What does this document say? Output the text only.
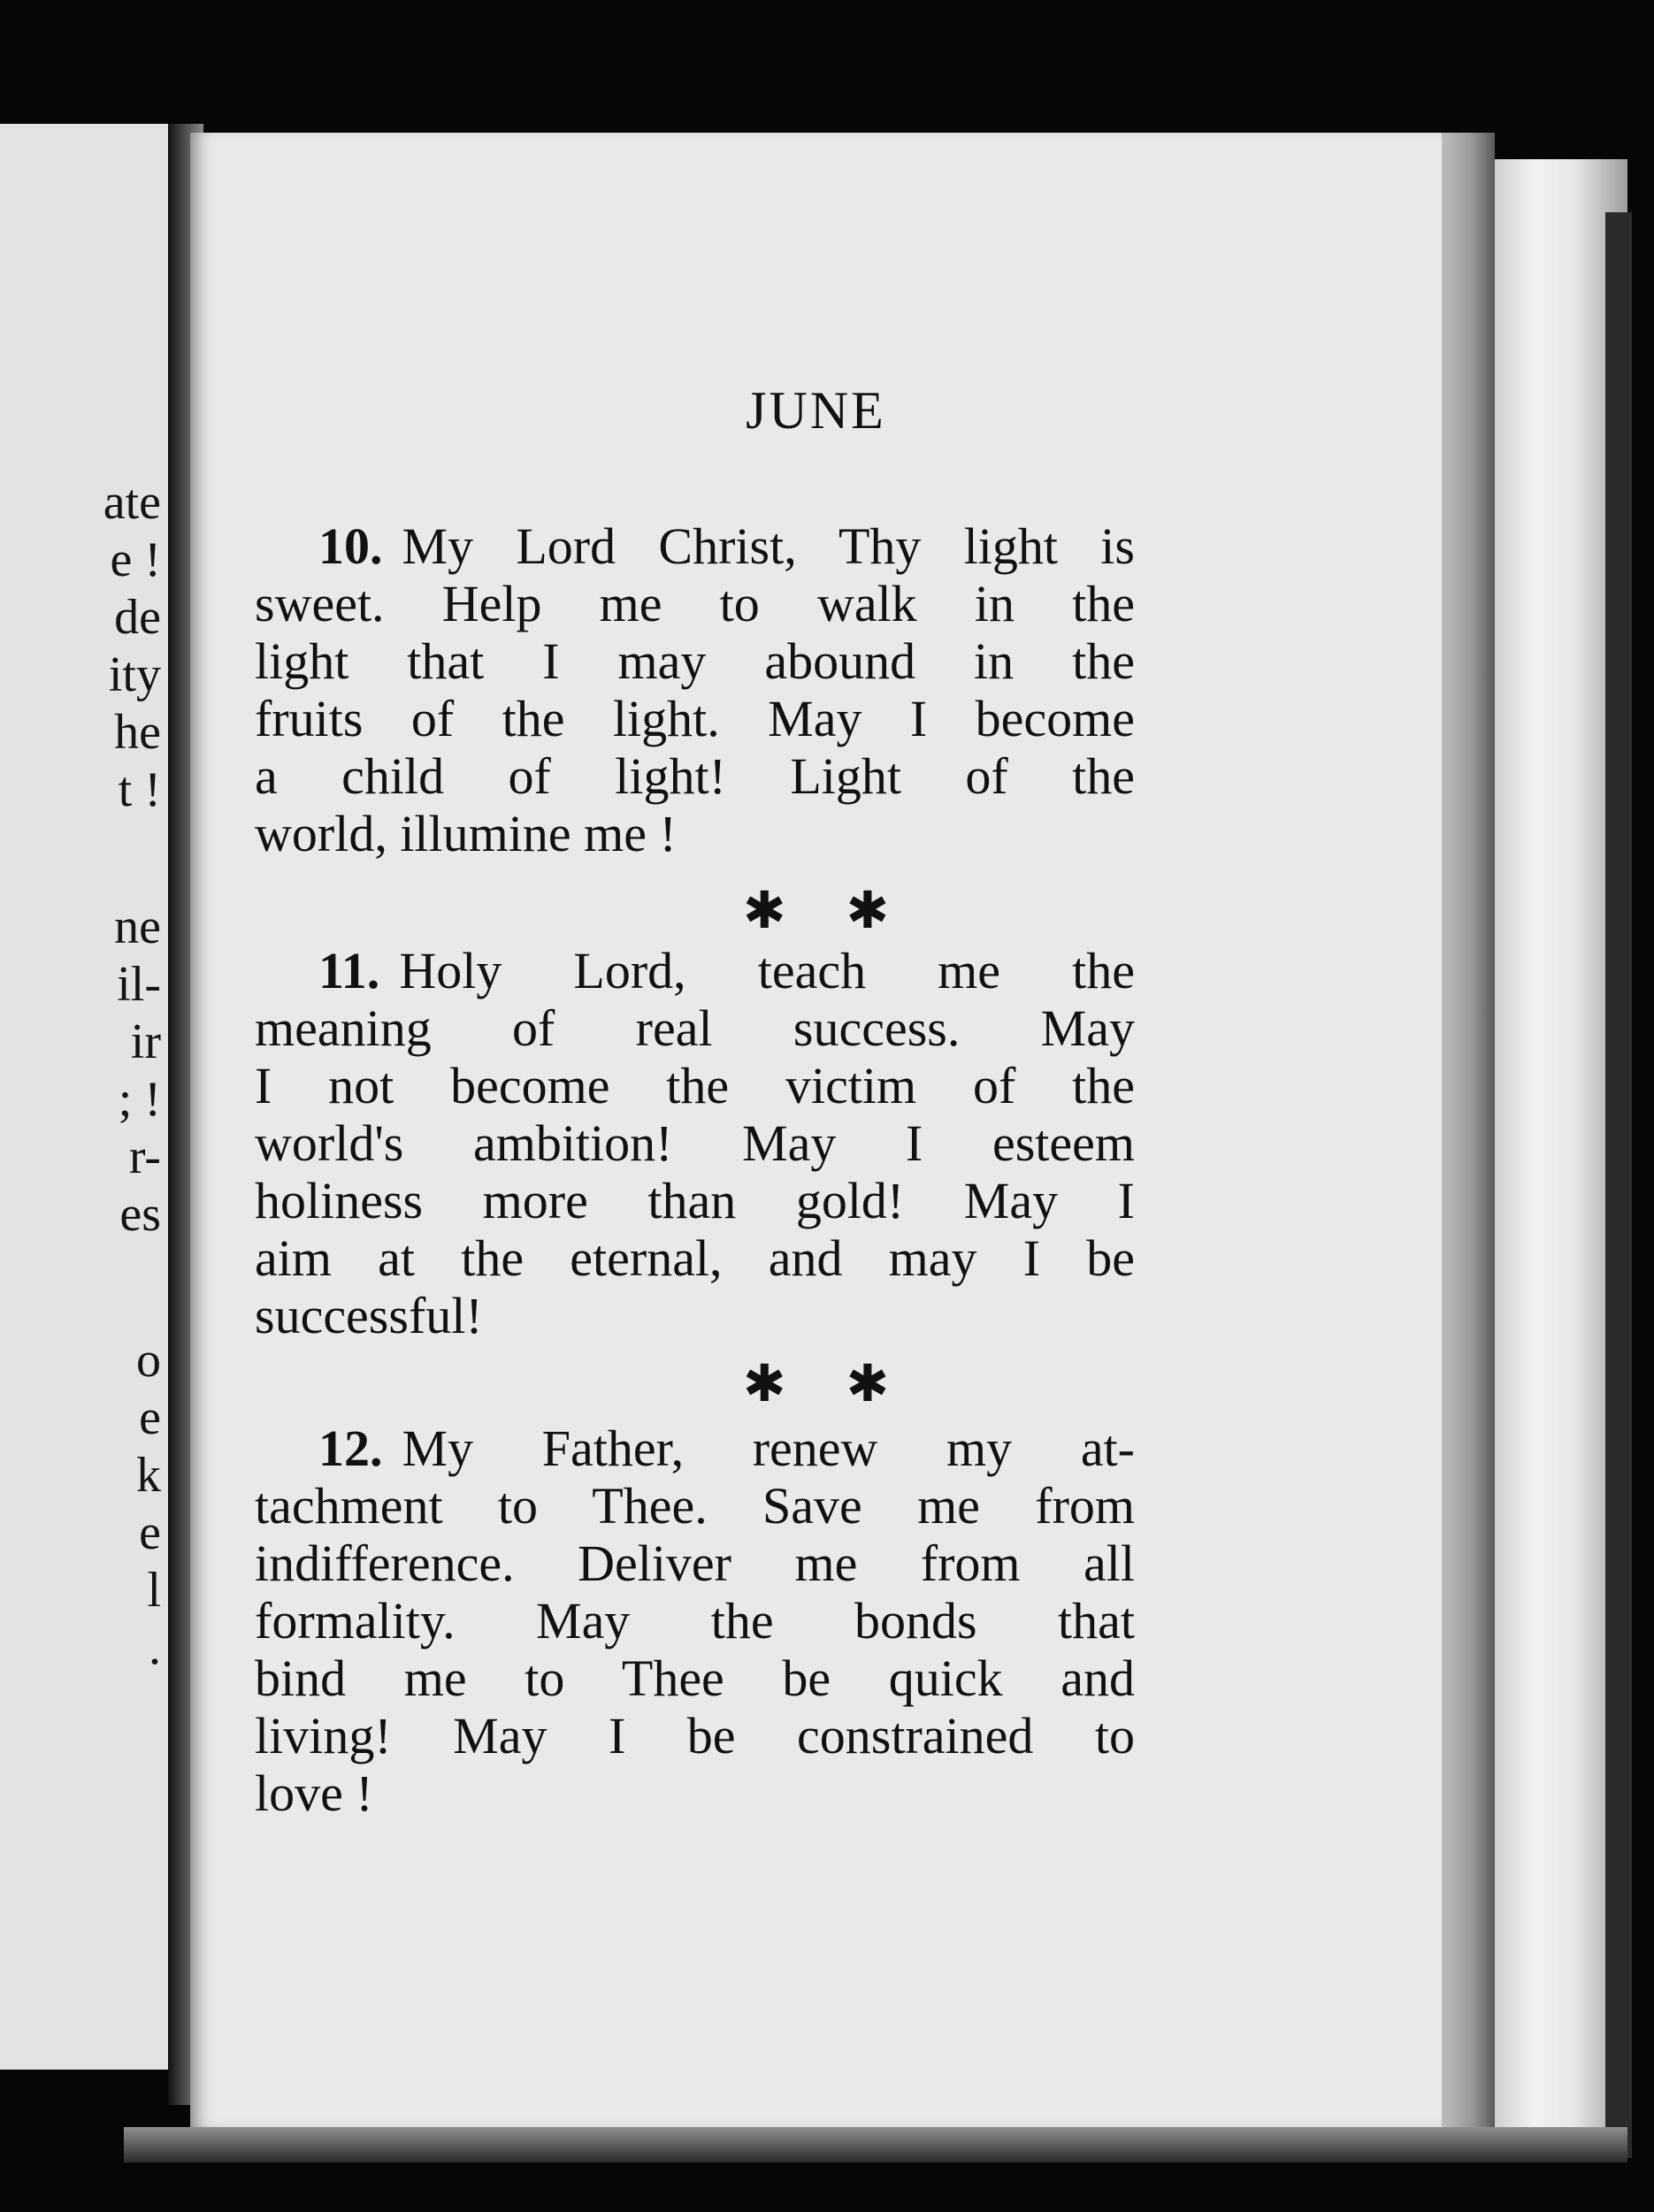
ate
e !
de
ity
he
t !
ne
il-
ir
; !
r-
es
o
e
k
e
l
.
JUNE
10. My Lord Christ, Thy light is
sweet. Help me to walk in the
light that I may abound in the
fruits of the light. May I become
a child of light! Light of the
world, illumine me !
✱ ✱
11. Holy Lord, teach me the
meaning of real success. May
I not become the victim of the
world's ambition! May I esteem
holiness more than gold! May I
aim at the eternal, and may I be
successful!
✱ ✱
12. My Father, renew my at-
tachment to Thee. Save me from
indifference. Deliver me from all
formality. May the bonds that
bind me to Thee be quick and
living! May I be constrained to
love !
